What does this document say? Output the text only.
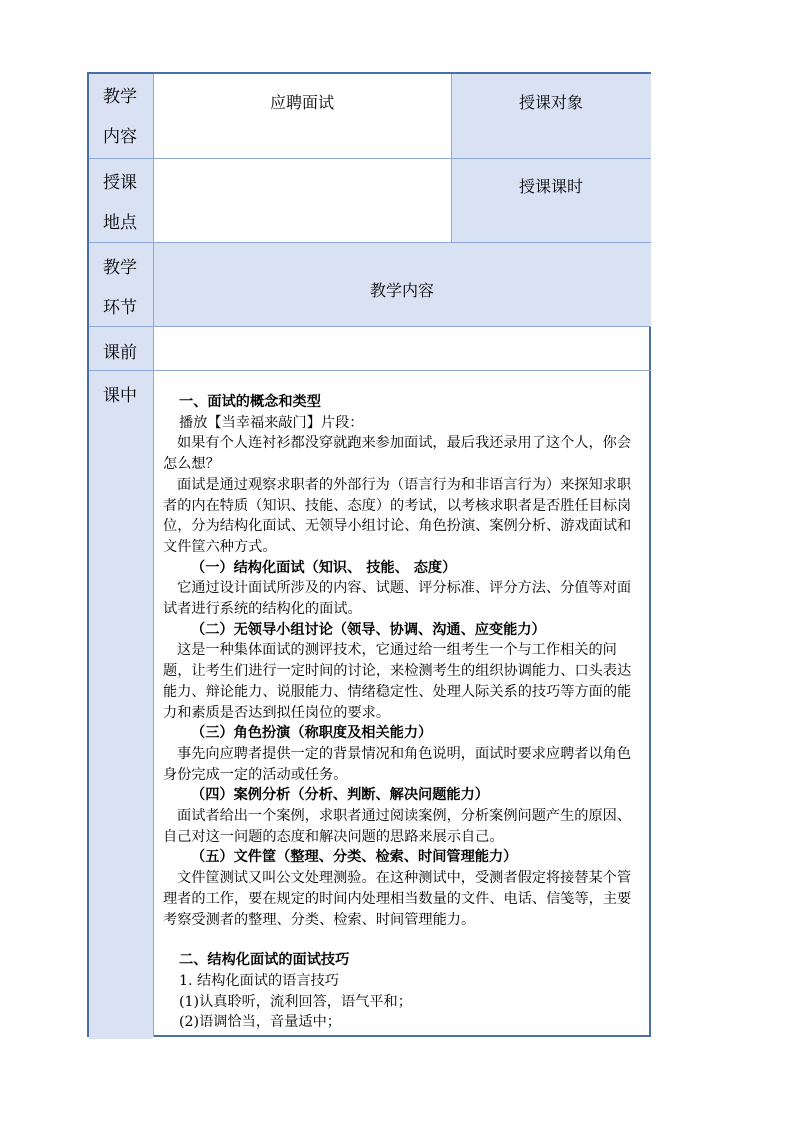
教学
内容
应聘面试	授课对象
授课
地点
授课课时
教学
环节
教学内容
课前
课中	一、面试的概念和类型

播放【当幸福来敲门】片段：

如果有个人连衬衫都没穿就跑来参加面试，最后我还录用了这个人，你会怎么想？

面试是通过观察求职者的外部行为（语言行为和非语言行为）来探知求职者的内在特质（知识、技能、态度）的考试，以考核求职者是否胜任目标岗位，分为结构化面试、无领导小组讨论、角色扮演、案例分析、游戏面试和文件筐六种方式。

（一）结构化面试（知识、 技能、 态度）

它通过设计面试所涉及的内容、试题、评分标准、评分方法、分值等对面试者进行系统的结构化的面试。

（二）无领导小组讨论（领导、协调、沟通、应变能力）

这是一种集体面试的测评技术，它通过给一组考生一个与工作相关的问题，让考生们进行一定时间的讨论，来检测考生的组织协调能力、口头表达能力、辩论能力、说服能力、情绪稳定性、处理人际关系的技巧等方面的能力和素质是否达到拟任岗位的要求。

（三）角色扮演（称职度及相关能力）

事先向应聘者提供一定的背景情况和角色说明，面试时要求应聘者以角色身份完成一定的活动或任务。

（四）案例分析（分析、判断、解决问题能力）

面试者给出一个案例，求职者通过阅读案例，分析案例问题产生的原因、自己对这一问题的态度和解决问题的思路来展示自己。

（五）文件筐（整理、分类、检索、时间管理能力）

文件筐测试又叫公文处理测验。在这种测试中，受测者假定将接替某个管理者的工作，要在规定的时间内处理相当数量的文件、电话、信笺等，主要考察受测者的整理、分类、检索、时间管理能力。

二、结构化面试的面试技巧

1. 结构化面试的语言技巧

(1)认真聆听，流利回答，语气平和；

(2)语调恰当，音量适中；
